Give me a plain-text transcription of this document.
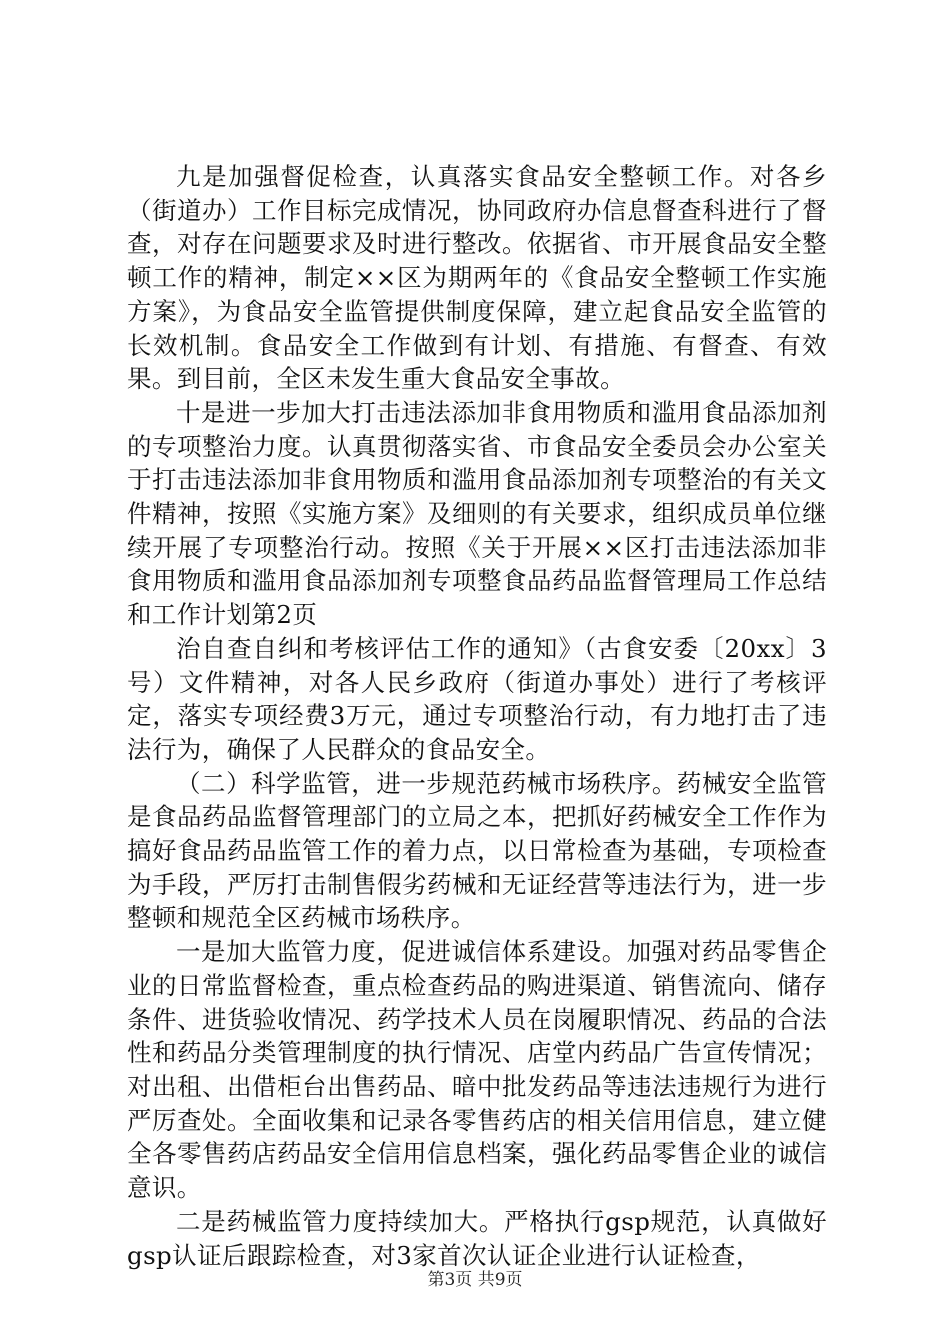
九是加强督促检查，认真落实食品安全整顿工作。对各乡（街道办）工作目标完成情况，协同政府办信息督查科进行了督查，对存在问题要求及时进行整改。依据省、市开展食品安全整顿工作的精神，制定××区为期两年的《食品安全整顿工作实施方案》，为食品安全监管提供制度保障，建立起食品安全监管的长效机制。食品安全工作做到有计划、有措施、有督查、有效果。到目前，全区未发生重大食品安全事故。

十是进一步加大打击违法添加非食用物质和滥用食品添加剂的专项整治力度。认真贯彻落实省、市食品安全委员会办公室关于打击违法添加非食用物质和滥用食品添加剂专项整治的有关文件精神，按照《实施方案》及细则的有关要求，组织成员单位继续开展了专项整治行动。按照《关于开展××区打击违法添加非食用物质和滥用食品添加剂专项整食品药品监督管理局工作总结和工作计划第2页

治自查自纠和考核评估工作的通知》（古食安委〔20xx〕3号）文件精神，对各人民乡政府（街道办事处）进行了考核评定，落实专项经费3万元，通过专项整治行动，有力地打击了违法行为，确保了人民群众的食品安全。

（二）科学监管，进一步规范药械市场秩序。药械安全监管是食品药品监督管理部门的立局之本，把抓好药械安全工作作为搞好食品药品监管工作的着力点，以日常检查为基础，专项检查为手段，严厉打击制售假劣药械和无证经营等违法行为，进一步整顿和规范全区药械市场秩序。

一是加大监管力度，促进诚信体系建设。加强对药品零售企业的日常监督检查，重点检查药品的购进渠道、销售流向、储存条件、进货验收情况、药学技术人员在岗履职情况、药品的合法性和药品分类管理制度的执行情况、店堂内药品广告宣传情况；对出租、出借柜台出售药品、暗中批发药品等违法违规行为进行严厉查处。全面收集和记录各零售药店的相关信用信息，建立健全各零售药店药品安全信用信息档案，强化药品零售企业的诚信意识。

二是药械监管力度持续加大。严格执行gsp规范，认真做好gsp认证后跟踪检查，对3家首次认证企业进行认证检查，

第3页 共9页
